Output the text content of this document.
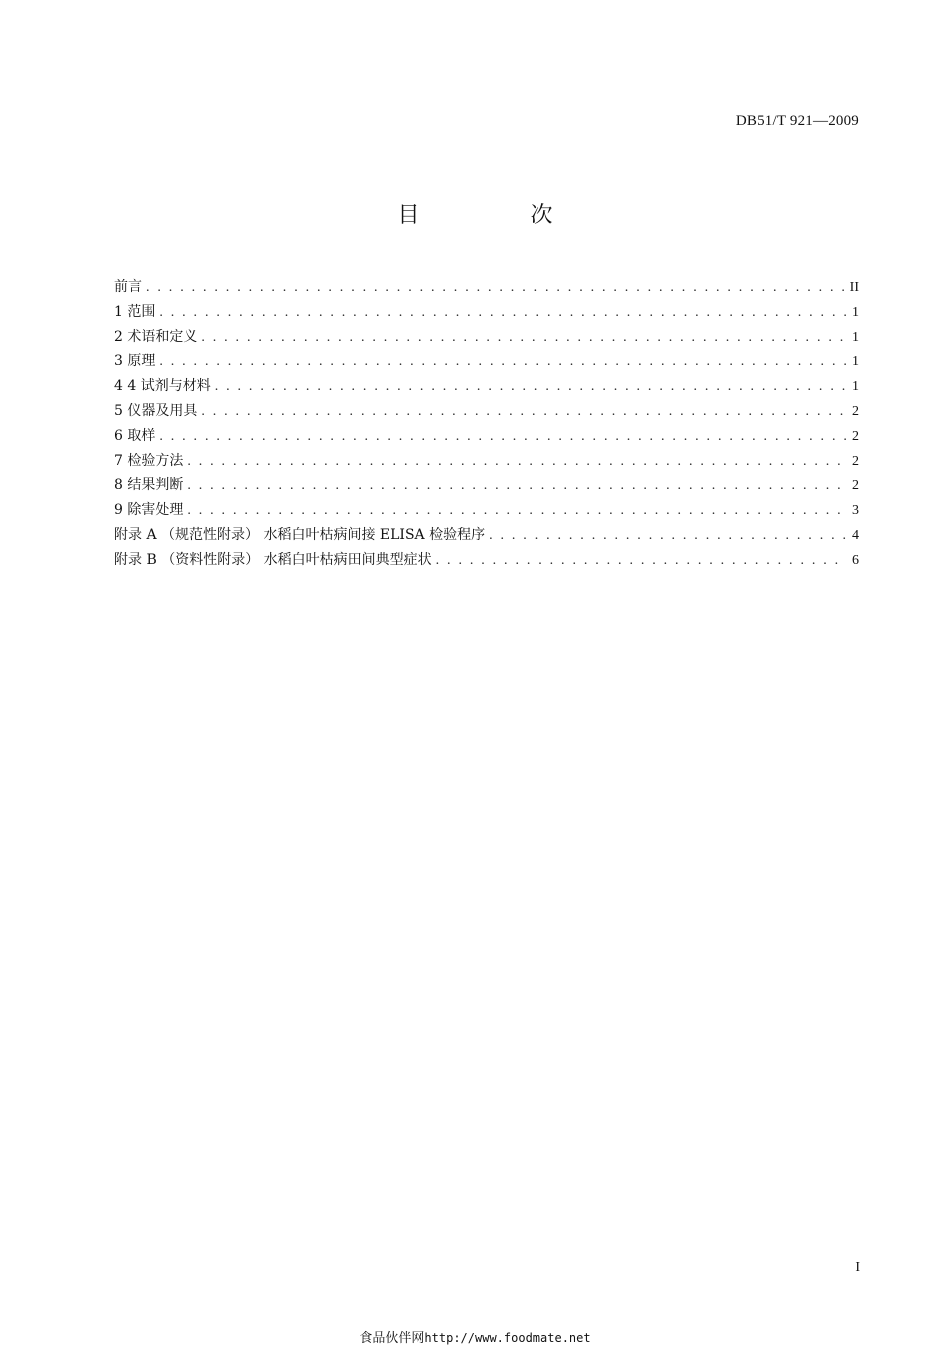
DB51/T 921—2009
目 次
前言 . . .	II
1 范围 . . .	1
2 术语和定义 . . .	1
3 原理 . . .	1
4 4 试剂与材料 . . .	1
5 仪器及用具 . . .	2
6 取样 . . .	2
7 检验方法 . . .	2
8 结果判断 . . .	2
9 除害处理 . . .	3
附录 A （规范性附录） 水稻白叶枯病间接 ELISA 检验程序 . . .	4
附录 B （资料性附录） 水稻白叶枯病田间典型症状 . . .	6
I
食品伙伴网http://www.foodmate.net
